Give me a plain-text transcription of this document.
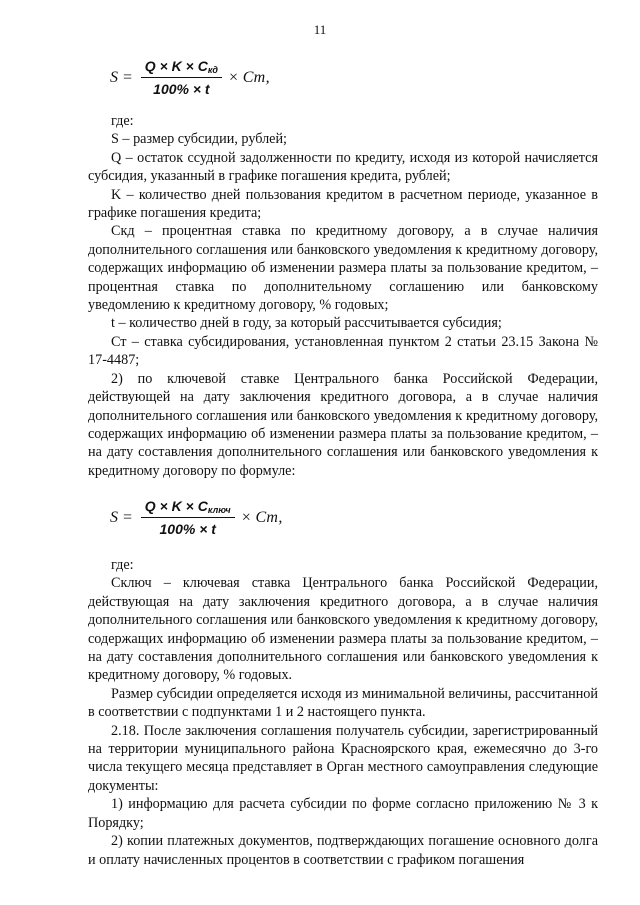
11
$S = \frac{Q \times K \times C_{кд}}{100\% \times t}$ × Ст,

где:

S – размер субсидии, рублей;

Q – остаток ссудной задолженности по кредиту, исходя из которой начисляется субсидия, указанный в графике погашения кредита, рублей;

K – количество дней пользования кредитом в расчетном периоде, указанное в графике погашения кредита;

Скд – процентная ставка по кредитному договору, а в случае наличия дополнительного соглашения или банковского уведомления к кредитному договору, содержащих информацию об изменении размера платы за пользование кредитом, – процентная ставка по дополнительному соглашению или банковскому уведомлению к кредитному договору, % годовых;

t – количество дней в году, за который рассчитывается субсидия;

Ст – ставка субсидирования, установленная пунктом 2 статьи 23.15 Закона № 17-4487;

2) по ключевой ставке Центрального банка Российской Федерации, действующей на дату заключения кредитного договора, а в случае наличия дополнительного соглашения или банковского уведомления к кредитному договору, содержащих информацию об изменении размера платы за пользование кредитом, – на дату составления дополнительного соглашения или банковского уведомления к кредитному договору по формуле:

$S = \frac{Q \times K \times C_{ключ}}{100\% \times t}$ × Ст,

где:

Сключ – ключевая ставка Центрального банка Российской Федерации, действующая на дату заключения кредитного договора, а в случае наличия дополнительного соглашения или банковского уведомления к кредитному договору, содержащих информацию об изменении размера платы за пользование кредитом, – на дату составления дополнительного соглашения или банковского уведомления к кредитному договору, % годовых.

Размер субсидии определяется исходя из минимальной величины, рассчитанной в соответствии с подпунктами 1 и 2 настоящего пункта.

2.18. После заключения соглашения получатель субсидии, зарегистрированный на территории муниципального района Красноярского края, ежемесячно до 3-го числа текущего месяца представляет в Орган местного самоуправления следующие документы:

1) информацию для расчета субсидии по форме согласно приложению № 3 к Порядку;

2) копии платежных документов, подтверждающих погашение основного долга и оплату начисленных процентов в соответствии с графиком погашения
